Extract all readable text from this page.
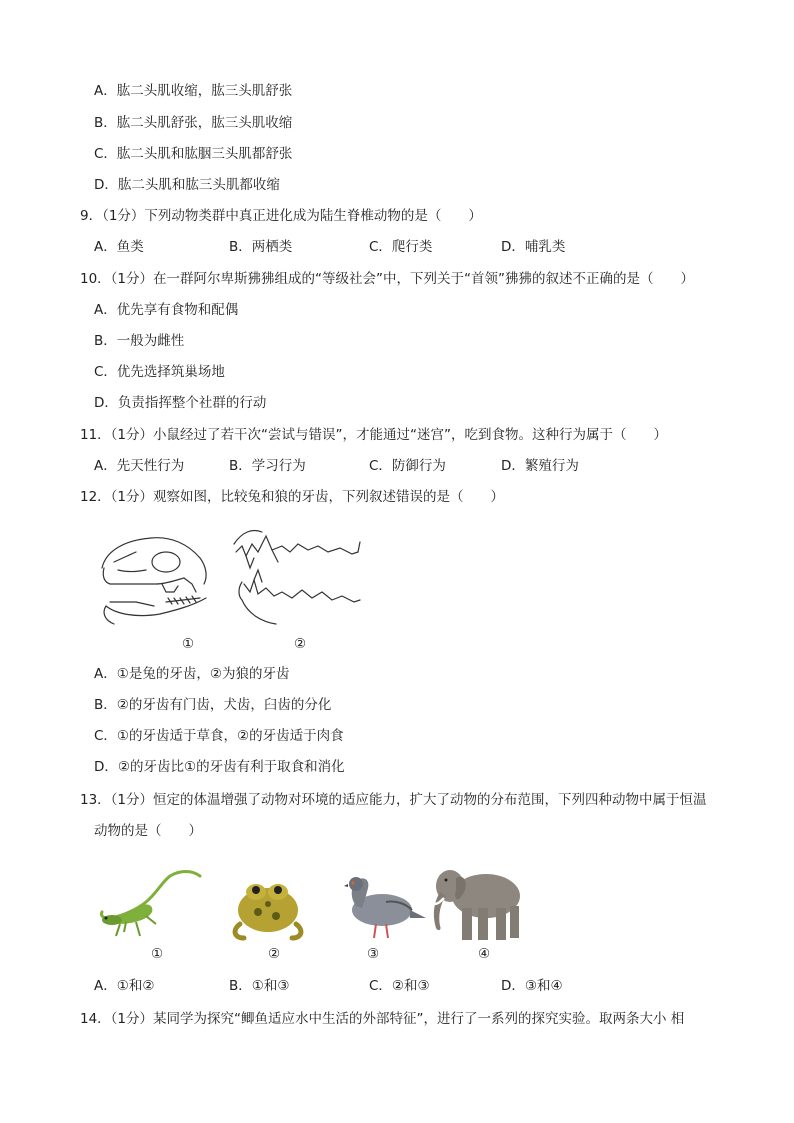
A．肱二头肌收缩，肱三头肌舒张
B．肱二头肌舒张，肱三头肌收缩
C．肱二头肌和肱胭三头肌都舒张
D．肱二头肌和肱三头肌都收缩
9．（1分）下列动物类群中真正进化成为陆生脊椎动物的是（　　）
A．鱼类	B．两栖类	C．爬行类	D．哺乳类
10．（1分）在一群阿尔卑斯狒狒组成的“等级社会”中，下列关于“首领”狒狒的叙述不正确的是（　　）
A．优先享有食物和配偶
B．一般为雌性
C．优先选择筑巢场地
D．负责指挥整个社群的行动
11．（1分）小鼠经过了若干次“尝试与错误”，才能通过“迷宫”，吃到食物。这种行为属于（　　）
A．先天性行为	B．学习行为	C．防御行为	D．繁殖行为
12．（1分）观察如图，比较兔和狼的牙齿，下列叙述错误的是（　　）
①	②
A．①是兔的牙齿，②为狼的牙齿
B．②的牙齿有门齿，犬齿，臼齿的分化
C．①的牙齿适于草食，②的牙齿适于肉食
D．②的牙齿比①的牙齿有利于取食和消化
13．（1分）恒定的体温增强了动物对环境的适应能力，扩大了动物的分布范围，下列四种动物中属于恒温
动物的是（　　）
①	②	③	④
A．①和②	B．①和③	C．②和③	D．③和④
14．（1分）某同学为探究“鲫鱼适应水中生活的外部特征”，进行了一系列的探究实验。取两条大小 相
